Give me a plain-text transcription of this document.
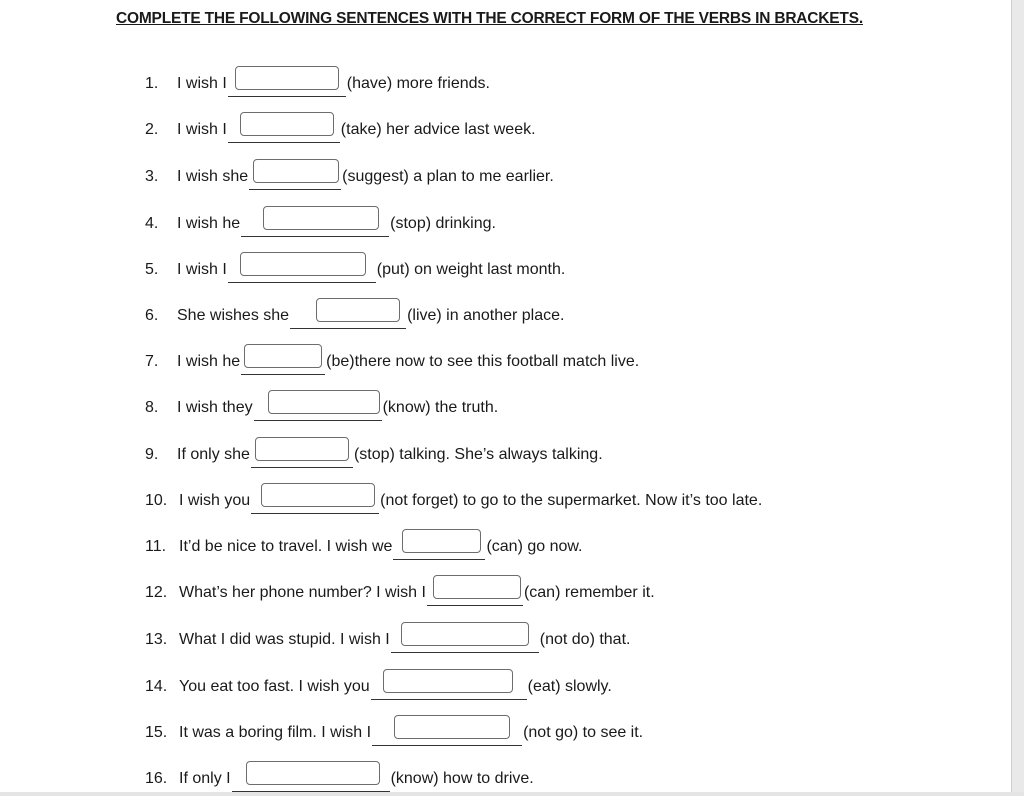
COMPLETE THE FOLLOWING SENTENCES WITH THE CORRECT FORM OF THE VERBS IN BRACKETS.
1.	I wish I	(have) more friends.
2.	I wish I	(take) her advice last week.
3.	I wish she	(suggest) a plan to me earlier.
4.	I wish he	(stop) drinking.
5.	I wish I	(put) on weight last month.
6.	She wishes she	(live) in another place.
7.	I wish he	(be)there now to see this football match live.
8.	I wish they	(know) the truth.
9.	If only she	(stop) talking. She’s always talking.
10. I wish you	(not forget) to go to the supermarket. Now it’s too late.
11. It’d be nice to travel. I wish we	(can) go now.
12. What’s her phone number? I wish I	(can) remember it.
13. What I did was stupid. I wish I	(not do) that.
14. You eat too fast. I wish you	(eat) slowly.
15. It was a boring film. I wish I	(not go) to see it.
16. If only I	(know) how to drive.
